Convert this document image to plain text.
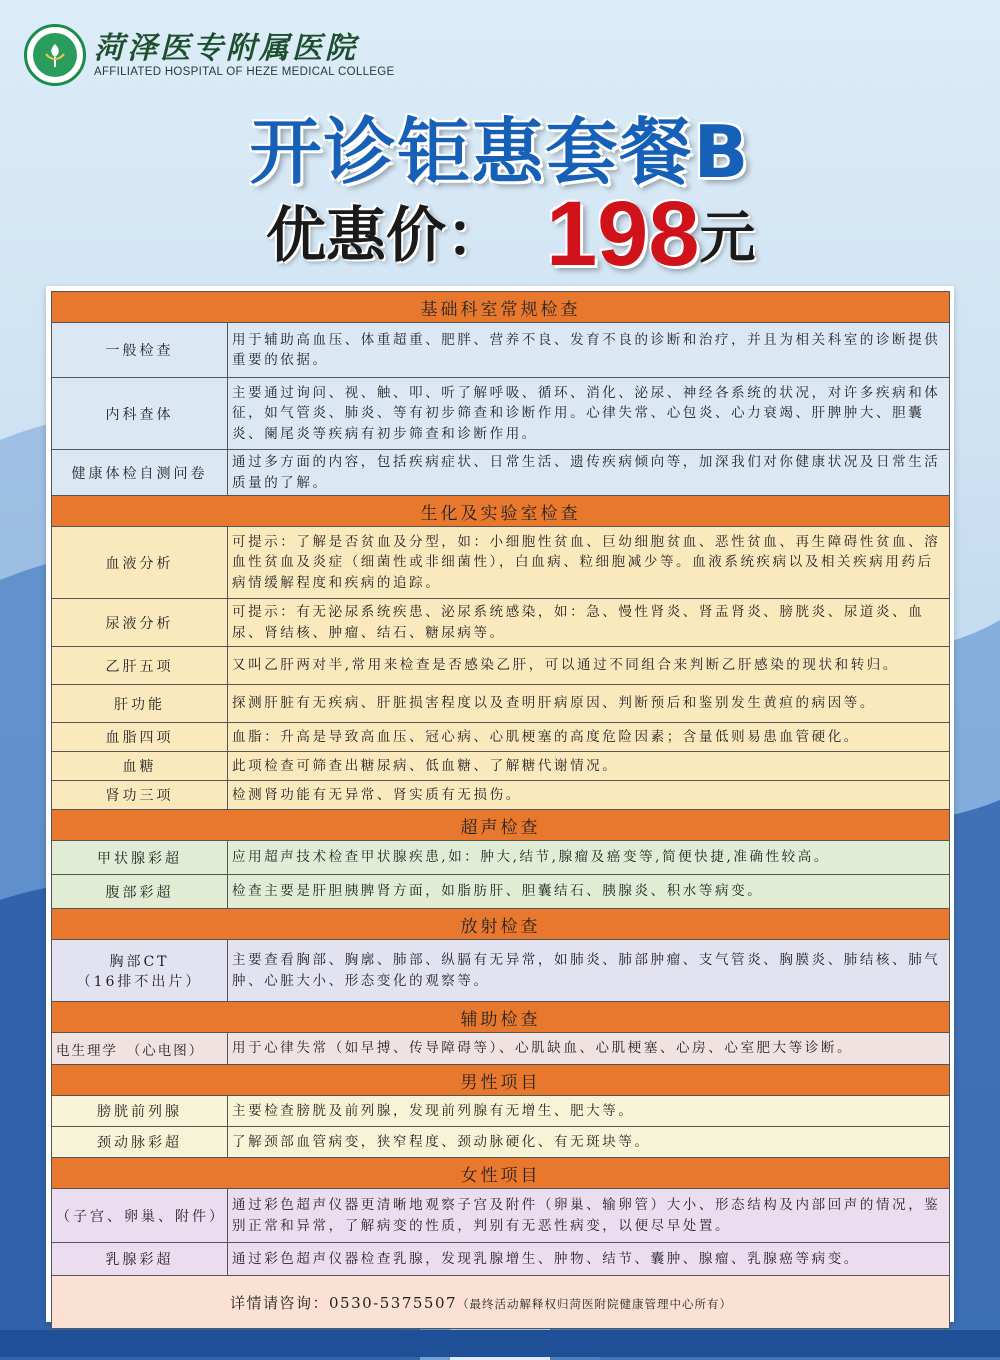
菏泽医专附属医院
AFFILIATED HOSPITAL OF HEZE MEDICAL COLLEGE
开诊钜惠套餐B
优惠价： 198 元
基础科室常规检查	
一般检查	用于辅助高血压、体重超重、肥胖、营养不良、发育不良的诊断和治疗，并且为相关科室的诊断提供重要的依据。
内科查体	主要通过询问、视、触、叩、听了解呼吸、循环、消化、泌尿、神经各系统的状况，对许多疾病和体征，如气管炎、肺炎、等有初步筛查和诊断作用。心律失常、心包炎、心力衰竭、肝脾肿大、胆囊炎、阑尾炎等疾病有初步筛查和诊断作用。
健康体检自测问卷	通过多方面的内容，包括疾病症状、日常生活、遗传疾病倾向等，加深我们对你健康状况及日常生活质量的了解。
生化及实验室检查	
血液分析	可提示：了解是否贫血及分型，如：小细胞性贫血、巨幼细胞贫血、恶性贫血、再生障碍性贫血、溶血性贫血及炎症（细菌性或非细菌性），白血病、粒细胞减少等。血液系统疾病以及相关疾病用药后病情缓解程度和疾病的追踪。
尿液分析	可提示：有无泌尿系统疾患、泌尿系统感染，如：急、慢性肾炎、肾盂肾炎、膀胱炎、尿道炎、血尿、肾结核、肿瘤、结石、糖尿病等。
乙肝五项	又叫乙肝两对半,常用来检查是否感染乙肝，可以通过不同组合来判断乙肝感染的现状和转归。
肝功能	探测肝脏有无疾病、肝脏损害程度以及查明肝病原因、判断预后和鉴别发生黄疸的病因等。
血脂四项	血脂：升高是导致高血压、冠心病、心肌梗塞的高度危险因素；含量低则易患血管硬化。
血糖	此项检查可筛查出糖尿病、低血糖、了解糖代谢情况。
肾功三项	检测肾功能有无异常、肾实质有无损伤。
超声检查	
甲状腺彩超	应用超声技术检查甲状腺疾患,如：肿大,结节,腺瘤及癌变等,简便快捷,准确性较高。
腹部彩超	检查主要是肝胆胰脾肾方面，如脂肪肝、胆囊结石、胰腺炎、积水等病变。
放射检查	

胸部CT
（16排不出片）	主要查看胸部、胸廓、肺部、纵膈有无异常，如肺炎、肺部肿瘤、支气管炎、胸膜炎、肺结核、肺气肿、心脏大小、形态变化的观察等。
辅助检查	
电生理学　（心电图）	用于心律失常（如早搏、传导障碍等）、心肌缺血、心肌梗塞、心房、心室肥大等诊断。
男性项目	
膀胱前列腺	主要检查膀胱及前列腺，发现前列腺有无增生、肥大等。
颈动脉彩超	了解颈部血管病变，狭窄程度、颈动脉硬化、有无斑块等。
女性项目	
（子宫、卵巢、附件）	通过彩色超声仪器更清晰地观察子宫及附件（卵巢、输卵管）大小、形态结构及内部回声的情况，鉴别正常和异常，了解病变的性质，判别有无恶性病变，以便尽早处置。
乳腺彩超	通过彩色超声仪器检查乳腺，发现乳腺增生、肿物、结节、囊肿、腺瘤、乳腺癌等病变。
详情请咨询：0530-5375507（最终活动解释权归菏医附院健康管理中心所有）	
